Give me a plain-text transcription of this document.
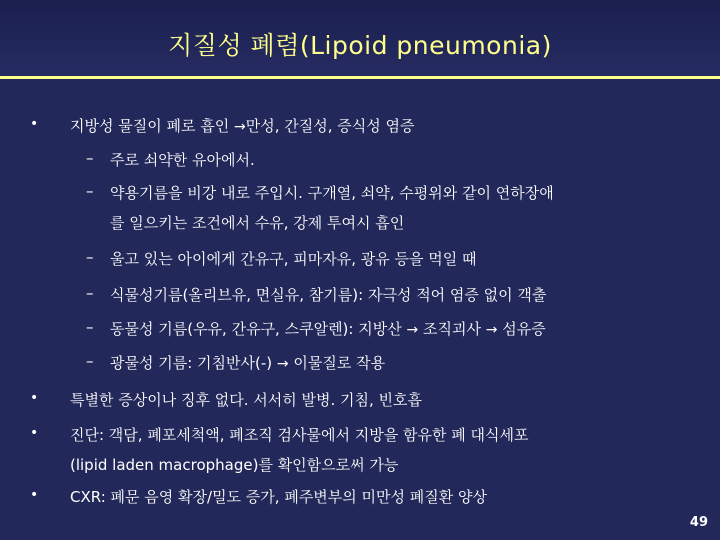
지질성 폐렴(Lipoid pneumonia)
• 지방성 물질이 폐로 흡인 →만성, 간질성, 증식성 염증
– 주로 쇠약한 유아에서.
– 약용기름을 비강 내로 주입시. 구개열, 쇠약, 수평위와 같이 연하장애
를 일으키는 조건에서 수유, 강제 투여시 흡인
– 울고 있는 아이에게 간유구, 피마자유, 광유 등을 먹일 때
– 식물성기름(올리브유, 면실유, 참기름): 자극성 적어 염증 없이 객출
– 동물성 기름(우유, 간유구, 스쿠알렌): 지방산 → 조직괴사 → 섬유증
– 광물성 기름: 기침반사(-) → 이물질로 작용
• 특별한 증상이나 징후 없다. 서서히 발병. 기침, 빈호흡
• 진단: 객담, 폐포세척액, 폐조직 검사물에서 지방을 함유한 폐 대식세포
(lipid laden macrophage)를 확인함으로써 가능
• CXR: 폐문 음영 확장/밀도 증가, 폐주변부의 미만성 폐질환 양상
49
